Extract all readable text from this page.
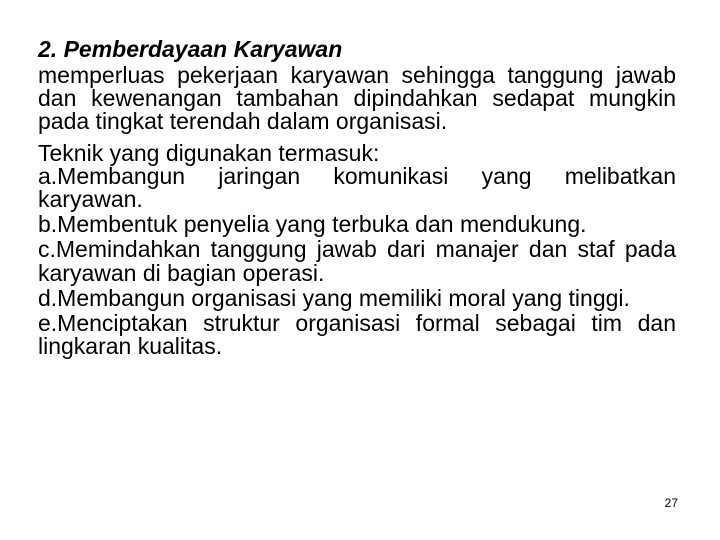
2. Pemberdayaan Karyawan

memperluas pekerjaan karyawan sehingga tanggung jawab dan kewenangan tambahan dipindahkan sedapat mungkin pada tingkat terendah dalam organisasi.

Teknik yang digunakan termasuk:

a.Membangun jaringan komunikasi yang melibatkan karyawan.
b.Membentuk penyelia yang terbuka dan mendukung.
c.Memindahkan tanggung jawab dari manajer dan staf pada karyawan di bagian operasi.
d.Membangun organisasi yang memiliki moral yang tinggi.
e.Menciptakan struktur organisasi formal sebagai tim dan lingkaran kualitas.
27
